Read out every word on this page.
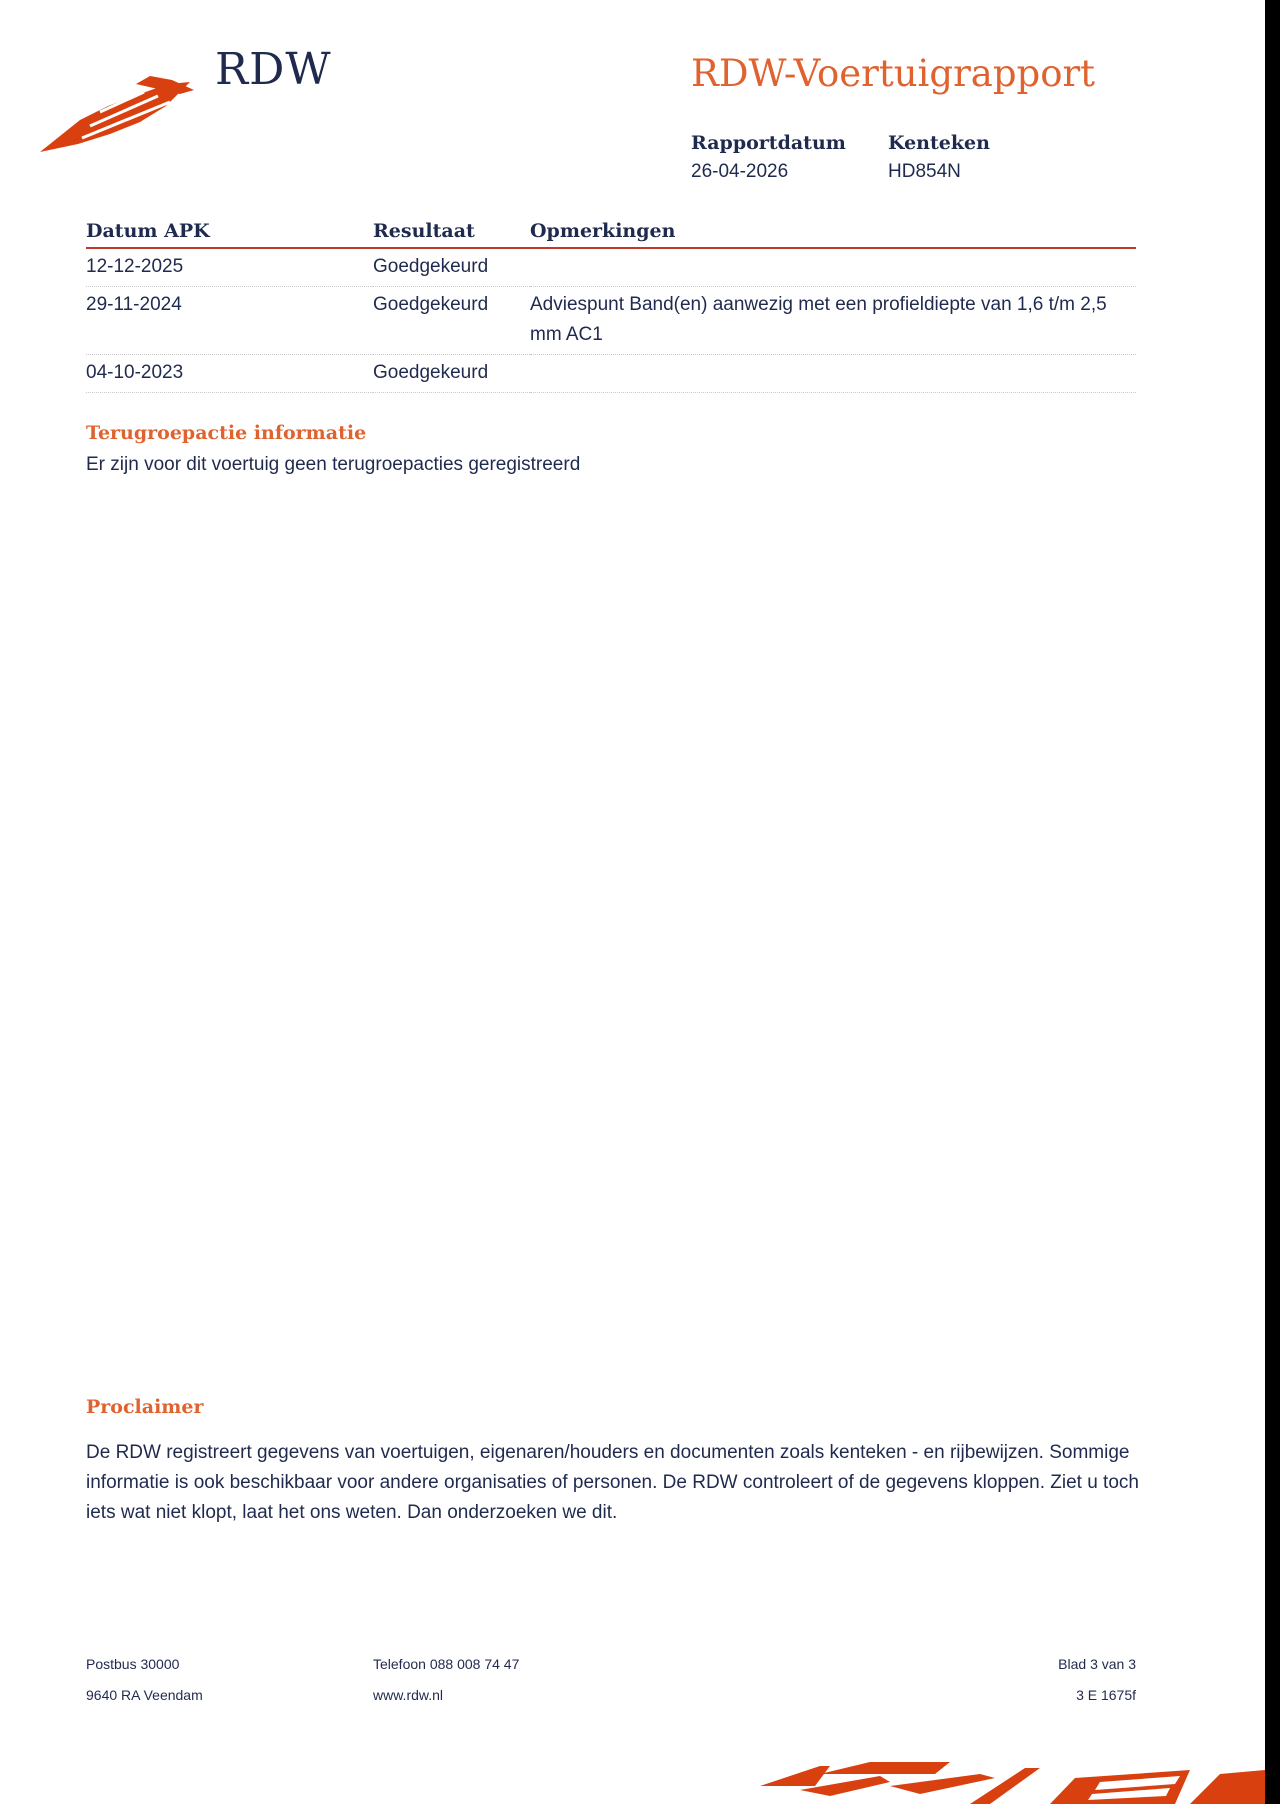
RDW	RDW-Voertuigrapport
Rapportdatum
26-04-2026
Kenteken
HD854N
Datum APK	Resultaat	Opmerkingen
12-12-2025	Goedgekeurd	
29-11-2024	Goedgekeurd	Adviespunt Band(en) aanwezig met een profieldiepte van 1,6 t/m 2,5 mm AC1
04-10-2023	Goedgekeurd	
Terugroepactie informatie
Er zijn voor dit voertuig geen terugroepacties geregistreerd
Proclaimer
De RDW registreert gegevens van voertuigen, eigenaren/houders en documenten zoals kenteken - en rijbewijzen. Sommige informatie is ook beschikbaar voor andere organisaties of personen. De RDW controleert of de gegevens kloppen. Ziet u toch iets wat niet klopt, laat het ons weten. Dan onderzoeken we dit.
Postbus 30000
9640 RA Veendam
Telefoon 088 008 74 47
www.rdw.nl
Blad 3 van 3
3 E 1675f
